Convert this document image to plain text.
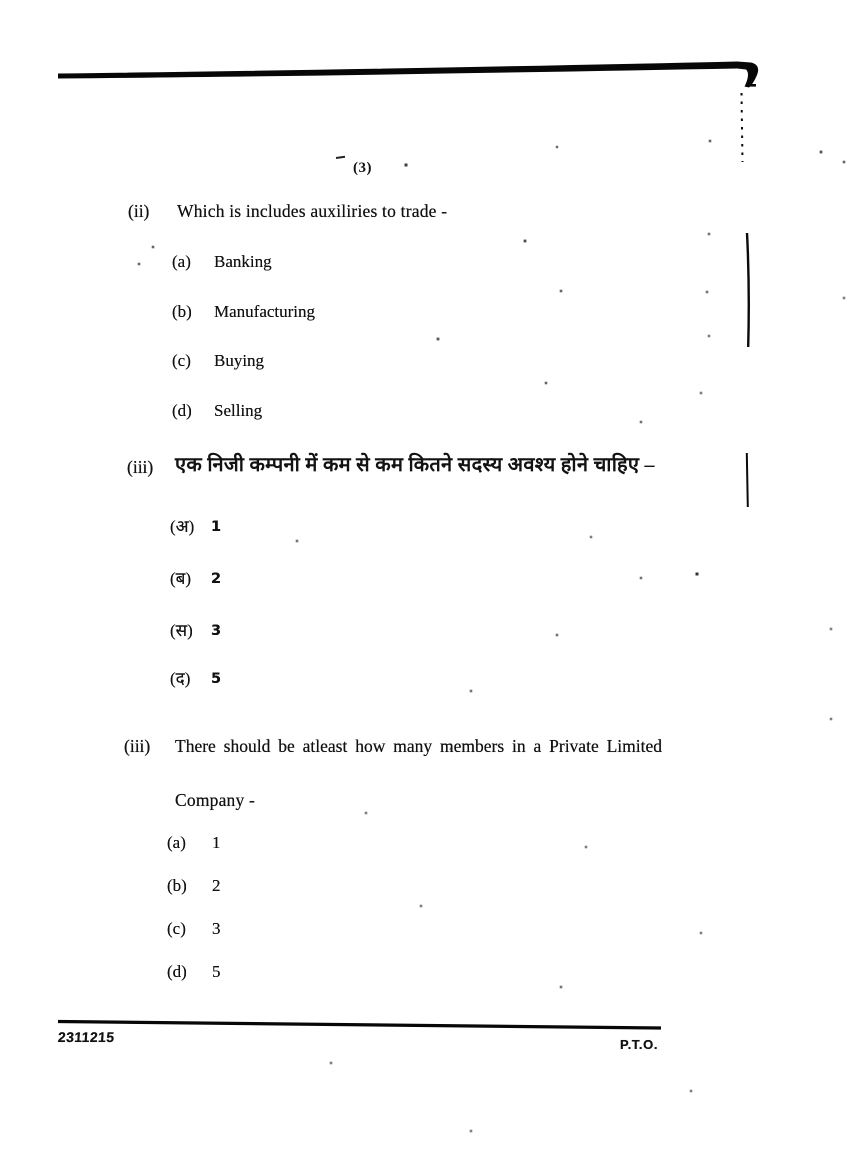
(3)
(ii) Which is includes auxiliries to trade -
(a) Banking
(b) Manufacturing
(c) Buying
(d) Selling
(iii) एक निजी कम्पनी में कम से कम कितने सदस्य अवश्य होने चाहिए –
(अ) 1
(ब) 2
(स) 3
(द) 5
(iii) There should be atleast how many members in a Private Limited
Company -
(a) 1
(b) 2
(c) 3
(d) 5
2311215	P.T.O.
